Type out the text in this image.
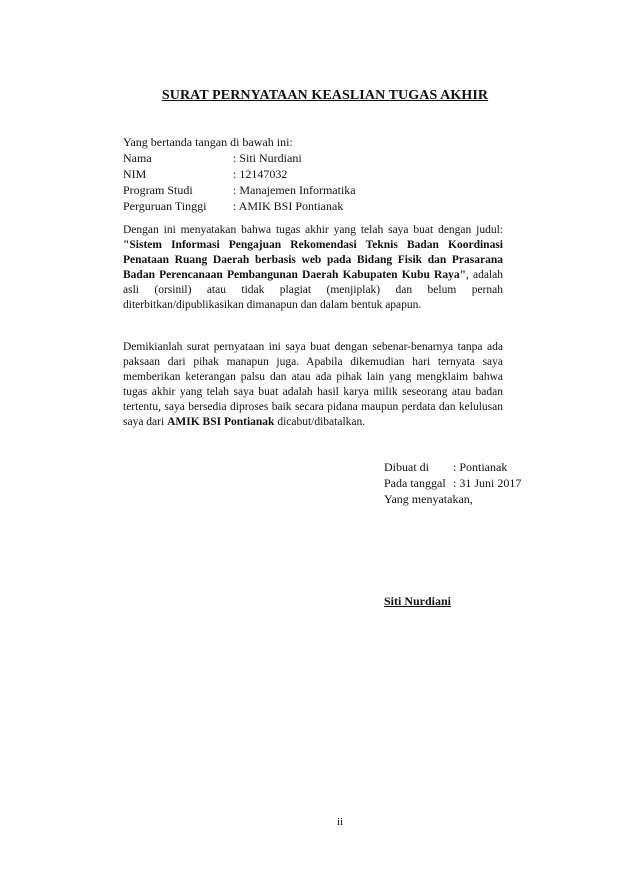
SURAT PERNYATAAN KEASLIAN TUGAS AKHIR
Yang bertanda tangan di bawah ini:
Nama	: Siti Nurdiani
NIM	: 12147032
Program Studi	: Manajemen Informatika
Perguruan Tinggi : AMIK BSI Pontianak

Dengan ini menyatakan bahwa tugas akhir yang telah saya buat dengan judul: "Sistem Informasi Pengajuan Rekomendasi Teknis Badan Koordinasi Penataan Ruang Daerah berbasis web pada Bidang Fisik dan Prasarana Badan Perencanaan Pembangunan Daerah Kabupaten Kubu Raya", adalah asli (orsinil) atau tidak plagiat (menjiplak) dan belum pernah diterbitkan/dipublikasikan dimanapun dan dalam bentuk apapun.

Demikianlah surat pernyataan ini saya buat dengan sebenar-benarnya tanpa ada paksaan dari pihak manapun juga. Apabila dikemudian hari ternyata saya memberikan keterangan palsu dan atau ada pihak lain yang mengklaim bahwa tugas akhir yang telah saya buat adalah hasil karya milik seseorang atau badan tertentu, saya bersedia diproses baik secara pidana maupun perdata dan kelulusan saya dari AMIK BSI Pontianak dicabut/dibatalkan.

Dibuat di : Pontianak
Pada tanggal : 31 Juni 2017
Yang menyatakan,
Siti Nurdiani
ii
